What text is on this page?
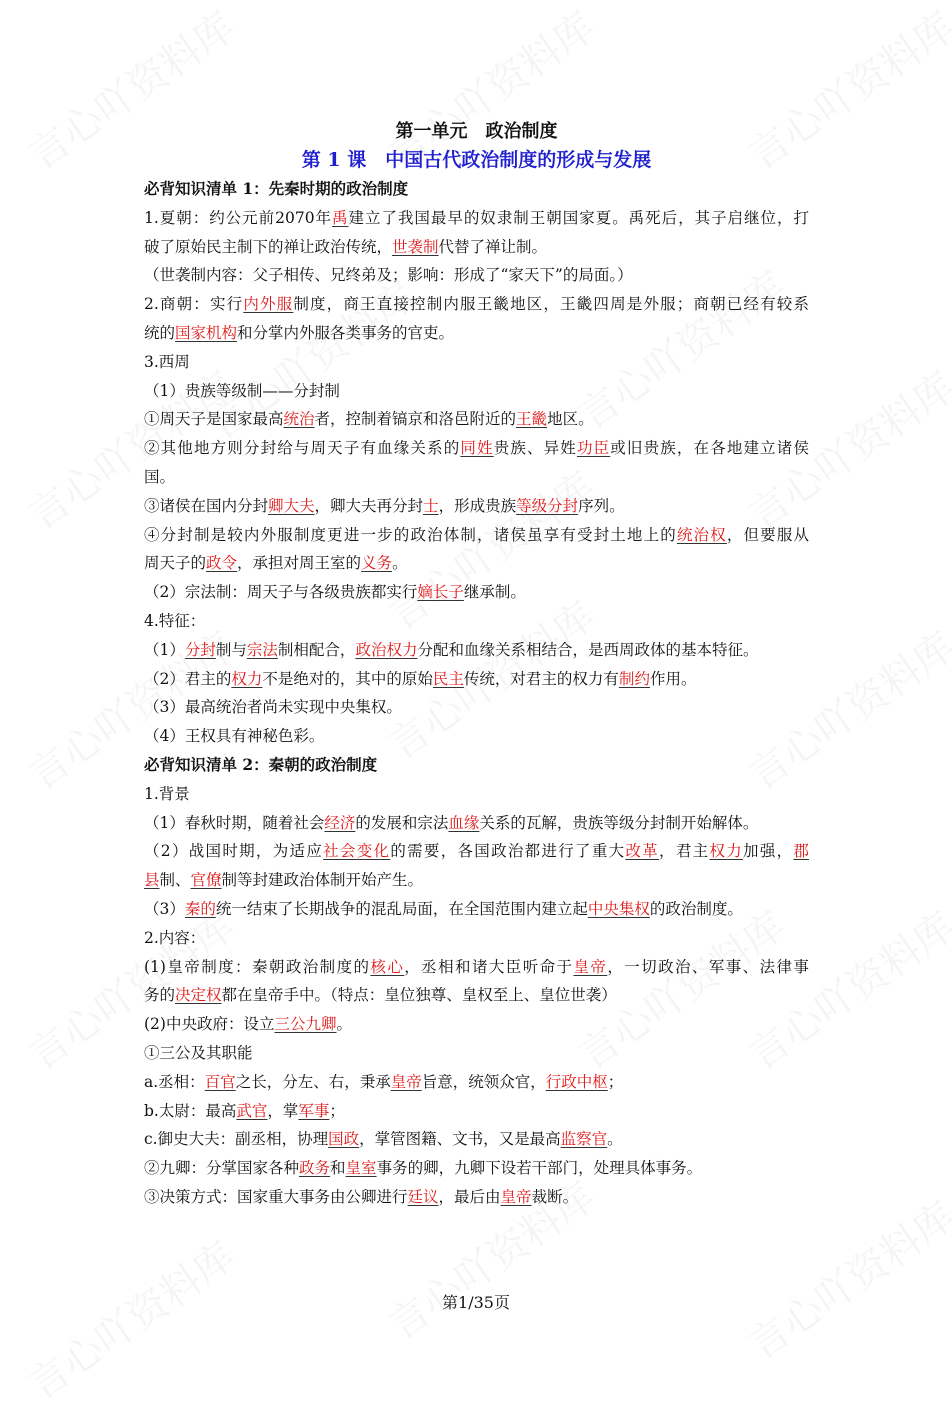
第一单元　政治制度
第 1 课　中国古代政治制度的形成与发展
必背知识清单 1：先秦时期的政治制度
1.夏朝：约公元前2070年禹建立了我国最早的奴隶制王朝国家夏。禹死后，其子启继位，打
破了原始民主制下的禅让政治传统，世袭制代替了禅让制。
（世袭制内容：父子相传、兄终弟及；影响：形成了“家天下”的局面。）
2.商朝：实行内外服制度，商王直接控制内服王畿地区，王畿四周是外服；商朝已经有较系
统的国家机构和分掌内外服各类事务的官吏。
3.西周
（1）贵族等级制——分封制
①周天子是国家最高统治者，控制着镐京和洛邑附近的王畿地区。
②其他地方则分封给与周天子有血缘关系的同姓贵族、异姓功臣或旧贵族，在各地建立诸侯
国。
③诸侯在国内分封卿大夫，卿大夫再分封士，形成贵族等级分封序列。
④分封制是较内外服制度更进一步的政治体制，诸侯虽享有受封土地上的统治权，但要服从
周天子的政令，承担对周王室的义务。
（2）宗法制：周天子与各级贵族都实行嫡长子继承制。
4.特征：
（1）分封制与宗法制相配合，政治权力分配和血缘关系相结合，是西周政体的基本特征。
（2）君主的权力不是绝对的，其中的原始民主传统，对君主的权力有制约作用。
（3）最高统治者尚未实现中央集权。
（4）王权具有神秘色彩。
必背知识清单 2：秦朝的政治制度
1.背景
（1）春秋时期，随着社会经济的发展和宗法血缘关系的瓦解，贵族等级分封制开始解体。
（2）战国时期，为适应社会变化的需要，各国政治都进行了重大改革，君主权力加强，郡
县制、官僚制等封建政治体制开始产生。
（3）秦的统一结束了长期战争的混乱局面，在全国范围内建立起中央集权的政治制度。
2.内容：
(1)皇帝制度：秦朝政治制度的核心，丞相和诸大臣听命于皇帝，一切政治、军事、法律事
务的决定权都在皇帝手中。（特点：皇位独尊、皇权至上、皇位世袭）
(2)中央政府：设立三公九卿。
①三公及其职能
a.丞相：百官之长，分左、右，秉承皇帝旨意，统领众官，行政中枢；
b.太尉：最高武官，掌军事；
c.御史大夫：副丞相，协理国政，掌管图籍、文书，又是最高监察官。
②九卿：分掌国家各种政务和皇室事务的卿，九卿下设若干部门，处理具体事务。
③决策方式：国家重大事务由公卿进行廷议，最后由皇帝裁断。
第1/35页
